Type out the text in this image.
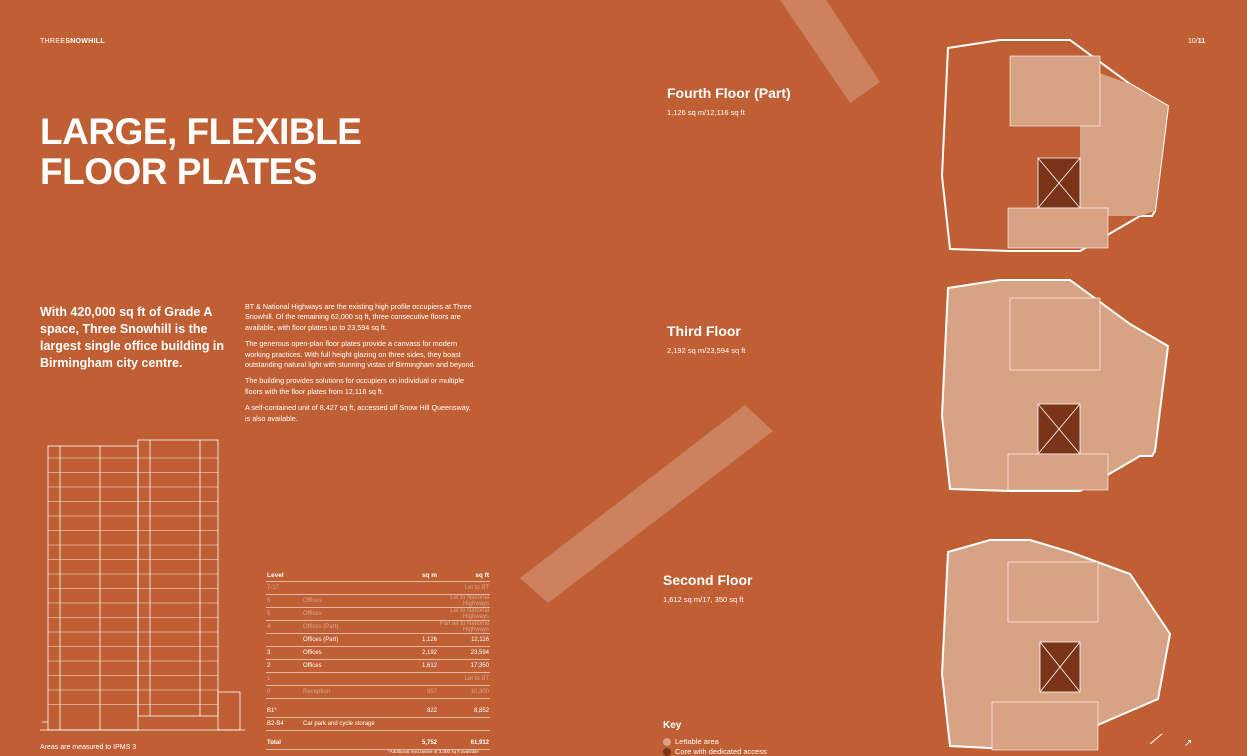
THREESNOWHILL	10/11
LARGE, FLEXIBLE
FLOOR PLATES
With 420,000 sq ft of Grade A space, Three Snowhill is the largest single office building in Birmingham city centre.

BT & National Highways are the existing high profile occupiers at Three Snowhill. Of the remaining 62,000 sq ft, three consecutive floors are available, with floor plates up to 23,594 sq ft.

The generous open-plan floor plates provide a canvass for modern working practices. With full height glazing on three sides, they boast outstanding natural light with stunning vistas of Birmingham and beyond.

The building provides solutions for occupiers on individual or multiple floors with the floor plates from 12,116 sq ft.

A self-contained unit of 8,427 sq ft, accessed off Snow Hill Queensway, is also available.

Level		sq m	sq ft
7-17			Let to BT
6	Offices		Let to National Highways
5	Offices		Let to National Highways
4	Offices (Part)		Part let to National Highways
	Offices (Part)	1,126	12,116
3	Offices	2,192	23,594
2	Offices	1,612	17,350
1			Let to BT
0	Reception	957	10,300

B1*		822	8,852
B2-B4	Car park and cycle storage		

Total		5,752	61,912
*Additional mezzanine of 3,000 sq ft available
Fourth Floor (Part)
1,126 sq m/12,116 sq ft
Third Floor
2,192 sq m/23,594 sq ft
Second Floor
1,612 sq m/17, 350 sq ft
↗
Key
Lettable area
Core with dedicated access
Areas are measured to IPMS 3
